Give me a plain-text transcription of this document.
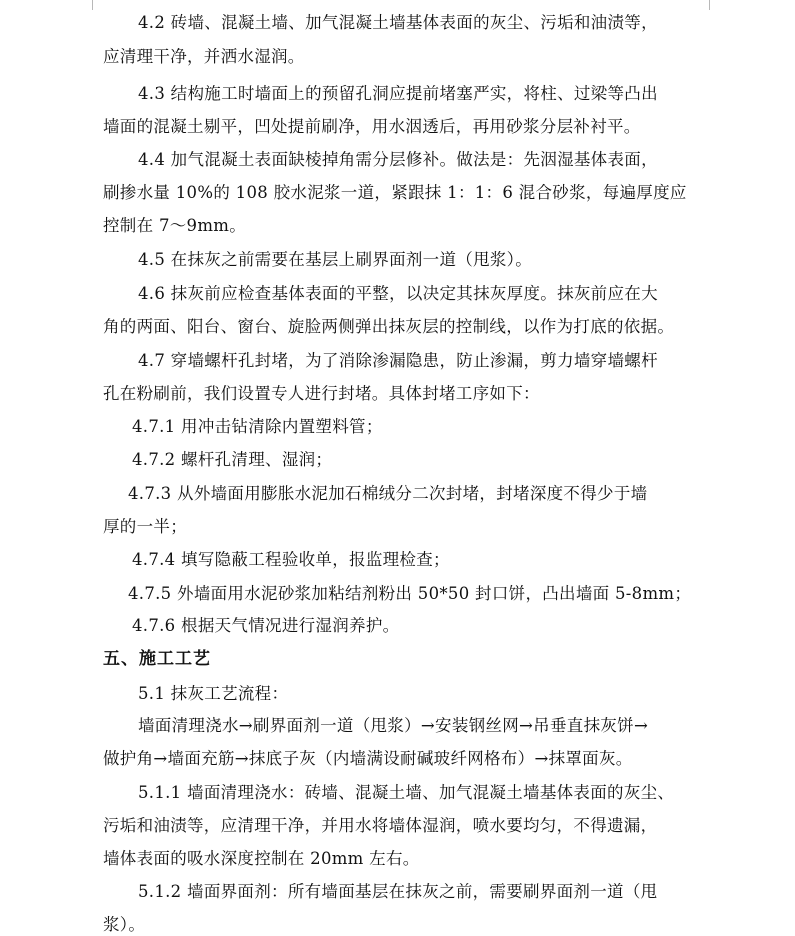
4.2 砖墙、混凝土墙、加气混凝土墙基体表面的灰尘、污垢和油渍等，
应清理干净，并洒水湿润。
4.3 结构施工时墙面上的预留孔洞应提前堵塞严实，将柱、过梁等凸出
墙面的混凝土剔平，凹处提前刷净，用水洇透后，再用砂浆分层补衬平。
4.4 加气混凝土表面缺棱掉角需分层修补。做法是：先洇湿基体表面，
刷掺水量 10%的 108 胶水泥浆一道，紧跟抹 1：1：6 混合砂浆，每遍厚度应
控制在 7～9mm。
4.5 在抹灰之前需要在基层上刷界面剂一道（甩浆）。
4.6 抹灰前应检查基体表面的平整，以决定其抹灰厚度。抹灰前应在大
角的两面、阳台、窗台、旋脸两侧弹出抹灰层的控制线，以作为打底的依据。
4.7 穿墙螺杆孔封堵，为了消除渗漏隐患，防止渗漏，剪力墙穿墙螺杆
孔在粉刷前，我们设置专人进行封堵。具体封堵工序如下：
4.7.1 用冲击钻清除内置塑料管；
4.7.2 螺杆孔清理、湿润；
4.7.3 从外墙面用膨胀水泥加石棉绒分二次封堵，封堵深度不得少于墙
厚的一半；
4.7.4 填写隐蔽工程验收单，报监理检查；
4.7.5 外墙面用水泥砂浆加粘结剂粉出 50*50 封口饼，凸出墙面 5-8mm；
4.7.6 根据天气情况进行湿润养护。
五、施工工艺
5.1 抹灰工艺流程：
墙面清理浇水→刷界面剂一道（甩浆）→安装钢丝网→吊垂直抹灰饼→
做护角→墙面充筋→抹底子灰（内墙满设耐碱玻纤网格布）→抹罩面灰。
5.1.1 墙面清理浇水：砖墙、混凝土墙、加气混凝土墙基体表面的灰尘、
污垢和油渍等，应清理干净，并用水将墙体湿润，喷水要均匀，不得遗漏，
墙体表面的吸水深度控制在 20mm 左右。
5.1.2 墙面界面剂：所有墙面基层在抹灰之前，需要刷界面剂一道（甩
浆）。
